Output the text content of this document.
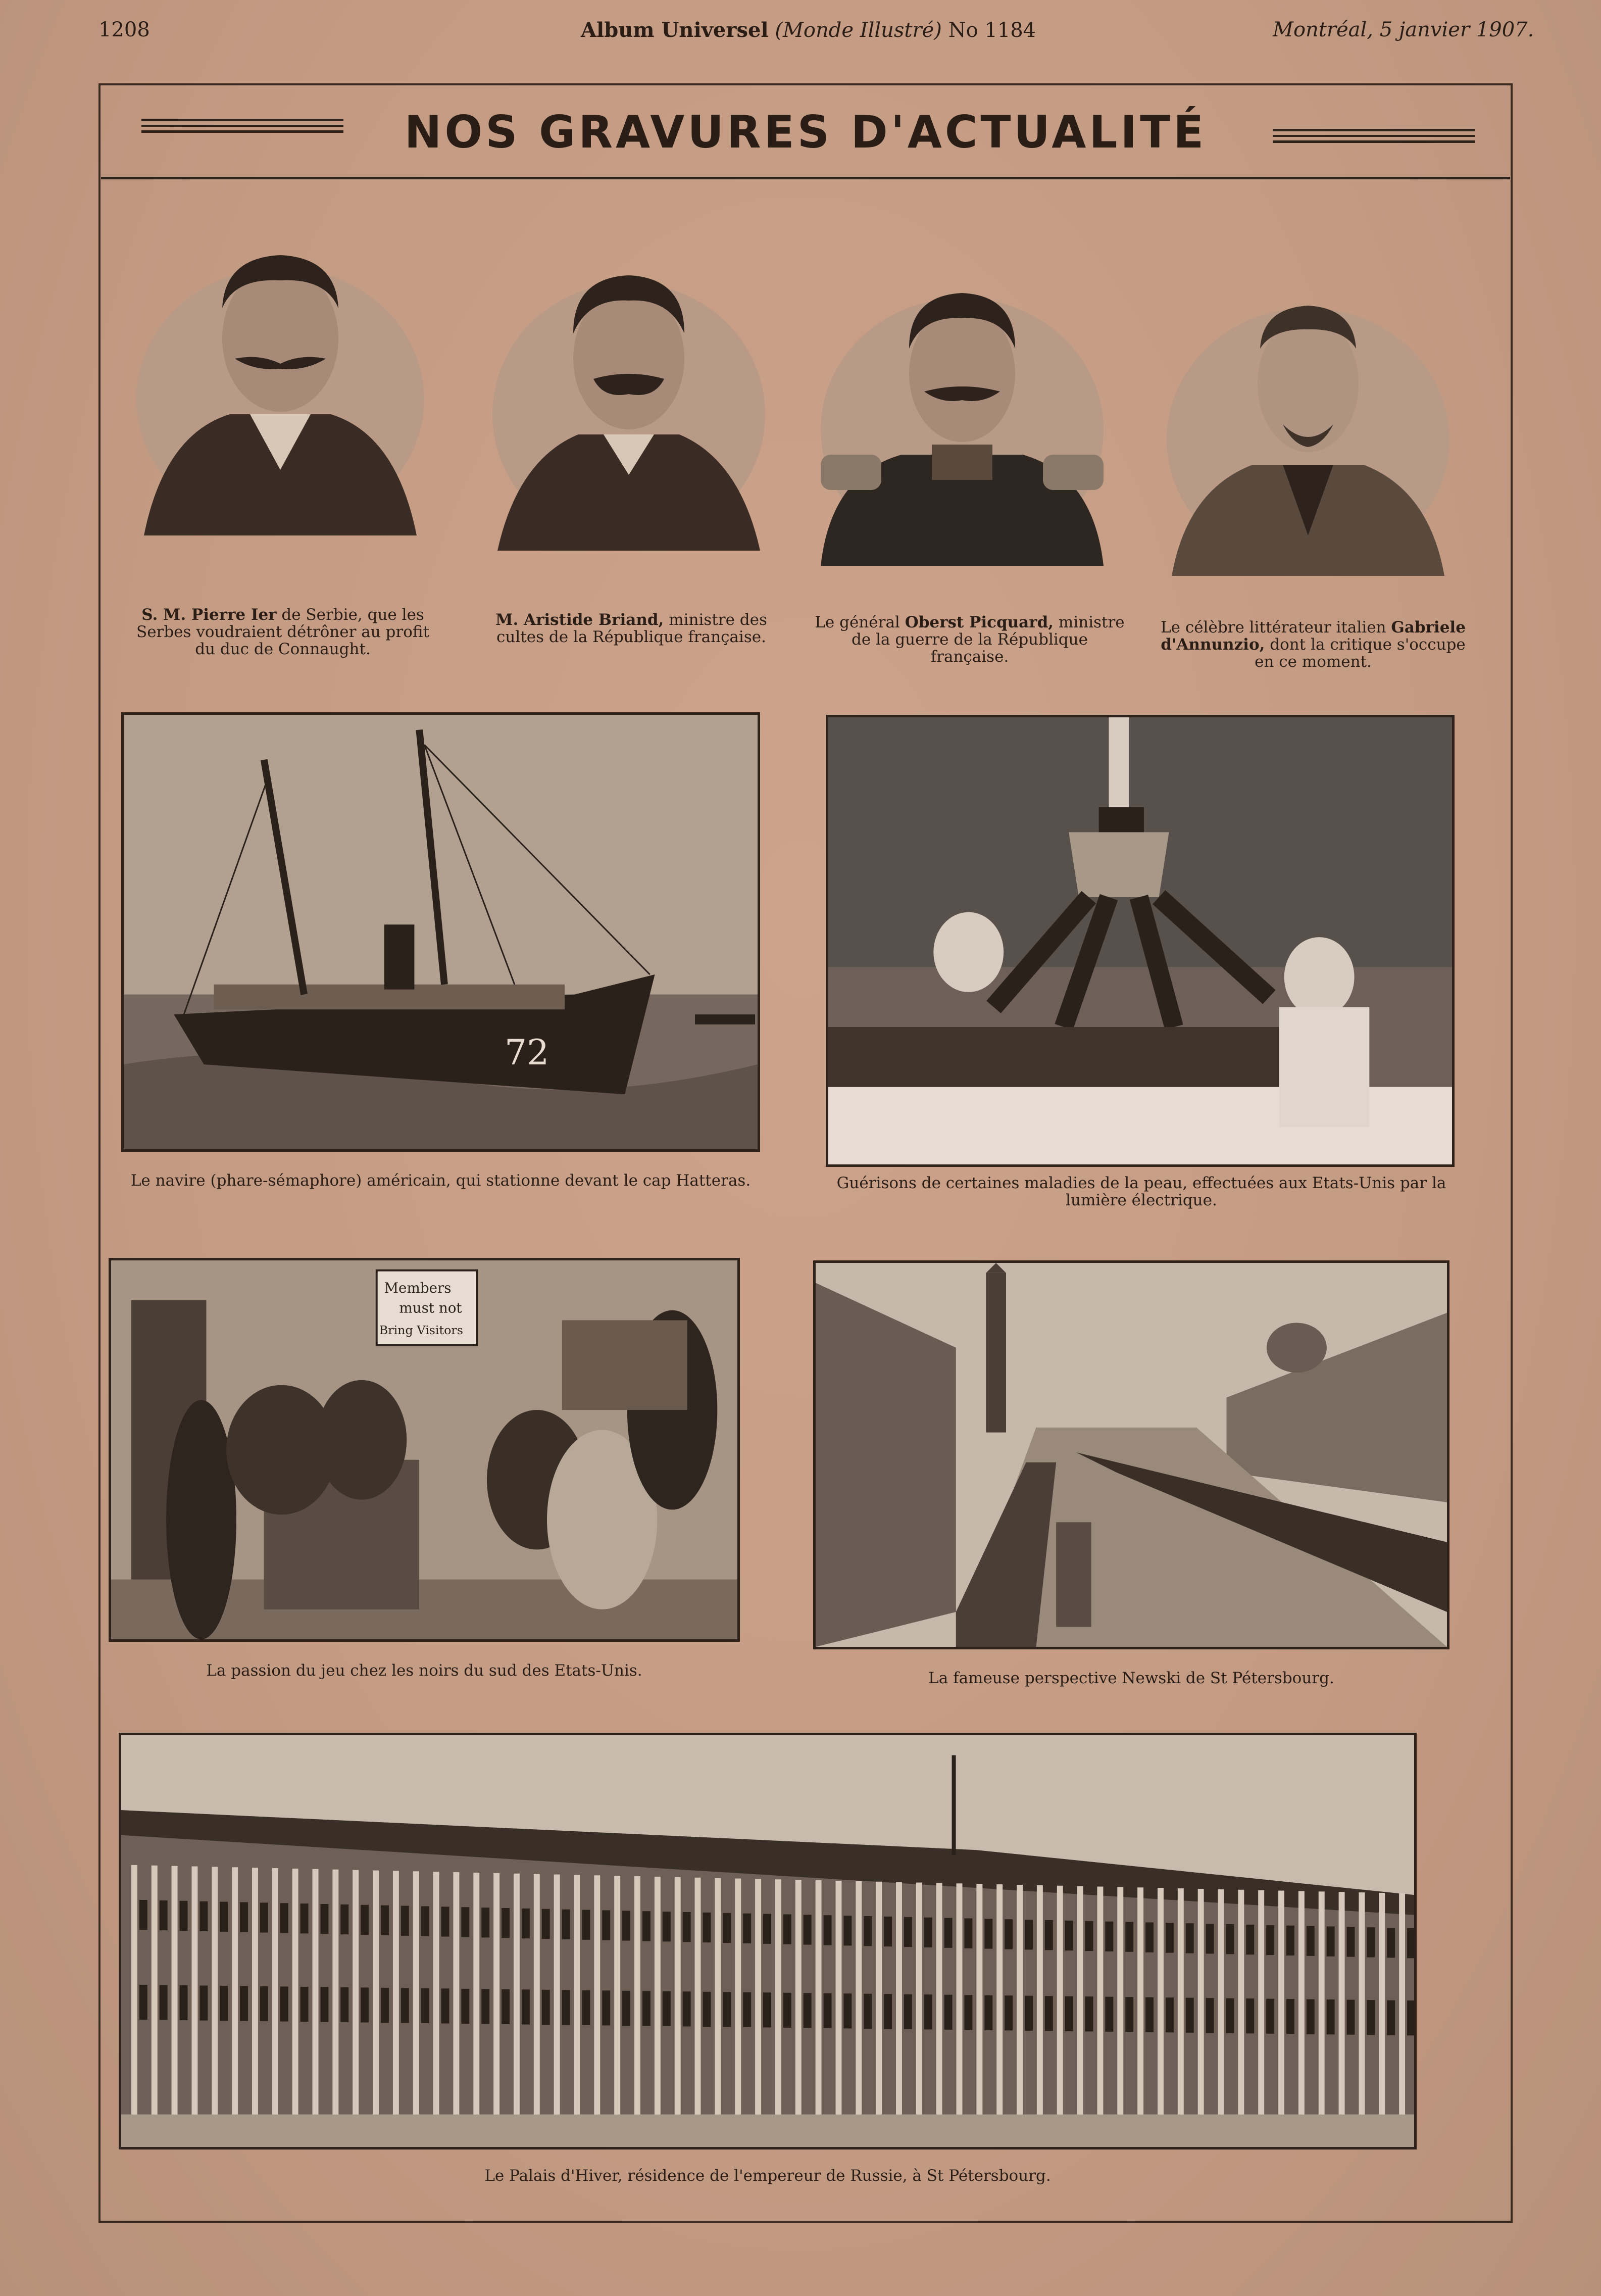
1208	Album Universel (Monde Illustré) No 1184	Montréal, 5 janvier 1907.
NOS GRAVURES D'ACTUALITÉ
S. M. Pierre Ier de Serbie, que les Serbes voudraient détrôner au profit du duc de Connaught.
M. Aristide Briand, ministre des cultes de la République française.
Le général Oberst Picquard, ministre de la guerre de la République française.
Le célèbre littérateur italien Gabriele d'Annunzio, dont la critique s'occupe en ce moment.
72
Le navire (phare-sémaphore) américain, qui stationne devant le cap Hatteras.	Guérisons de certaines maladies de la peau, effectuées aux Etats-Unis par la lumière électrique.
Members
must not
Bring Visitors
La passion du jeu chez les noirs du sud des Etats-Unis.	La fameuse perspective Newski de St Pétersbourg.
Le Palais d'Hiver, résidence de l'empereur de Russie, à St Pétersbourg.
